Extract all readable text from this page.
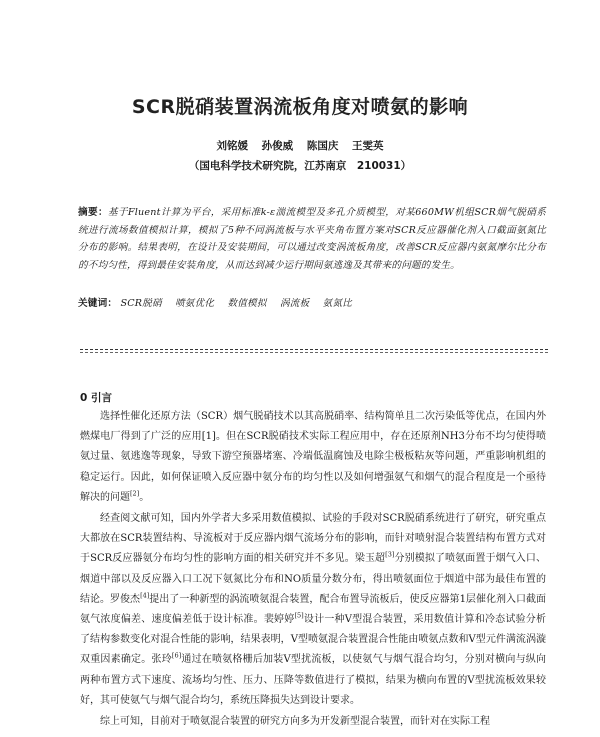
SCR脱硝装置涡流板角度对喷氨的影响
刘铭媛 孙俊威 陈国庆 王雯英
（国电科学技术研究院，江苏南京　210031）
摘要：基于Fluent计算为平台，采用标准k-ε湍流模型及多孔介质模型，对某660MW机组SCR烟气脱硝系统进行流场数值模拟计算，模拟了5种不同涡流板与水平夹角布置方案对SCR反应器催化剂入口截面氨氮比分布的影响。结果表明，在设计及安装期间，可以通过改变涡流板角度，改善SCR反应器内氨氮摩尔比分布的不均匀性，得到最佳安装角度，从而达到减少运行期间氨逃逸及其带来的问题的发生。
关键词： SCR脱硝 喷氨优化 数值模拟 涡流板 氨氮比
0 引言

选择性催化还原方法（SCR）烟气脱硝技术以其高脱硝率、结构简单且二次污染低等优点，在国内外燃煤电厂得到了广泛的应用[1]。但在SCR脱硝技术实际工程应用中，存在还原剂NH3分布不均匀使得喷氨过量、氨逃逸等现象，导致下游空预器堵塞、冷端低温腐蚀及电除尘极板粘灰等问题，严重影响机组的稳定运行。因此，如何保证喷入反应器中氨分布的均匀性以及如何增强氨气和烟气的混合程度是一个亟待解决的问题[2]。

经查阅文献可知，国内外学者大多采用数值模拟、试验的手段对SCR脱硝系统进行了研究，研究重点大都放在SCR装置结构、导流板对于反应器内烟气流场分布的影响，而针对喷射混合装置结构布置方式对于SCR反应器氨分布均匀性的影响方面的相关研究并不多见。梁玉超[3]分别模拟了喷氨面置于烟气入口、烟道中部以及反应器入口工况下氨氮比分布和NO质量分数分布，得出喷氨面位于烟道中部为最佳布置的结论。罗俊杰[4]提出了一种新型的涡流喷氨混合装置，配合布置导流板后，使反应器第1层催化剂入口截面氨气浓度偏差、速度偏差低于设计标准。裴婷婷[5]设计一种V型混合装置，采用数值计算和冷态试验分析了结构参数变化对混合性能的影响，结果表明，V型喷氨混合装置混合性能由喷氨点数和V型元件满流涡漩双重因素确定。张玲[6]通过在喷氨格栅后加装V型扰流板，以使氨气与烟气混合均匀，分别对横向与纵向两种布置方式下速度、流场均匀性、压力、压降等数值进行了模拟，结果为横向布置的V型扰流板效果较好，其可使氨气与烟气混合均匀，系统压降损失达到设计要求。

综上可知，目前对于喷氨混合装置的研究方向多为开发新型混合装置，而针对在实际工程
